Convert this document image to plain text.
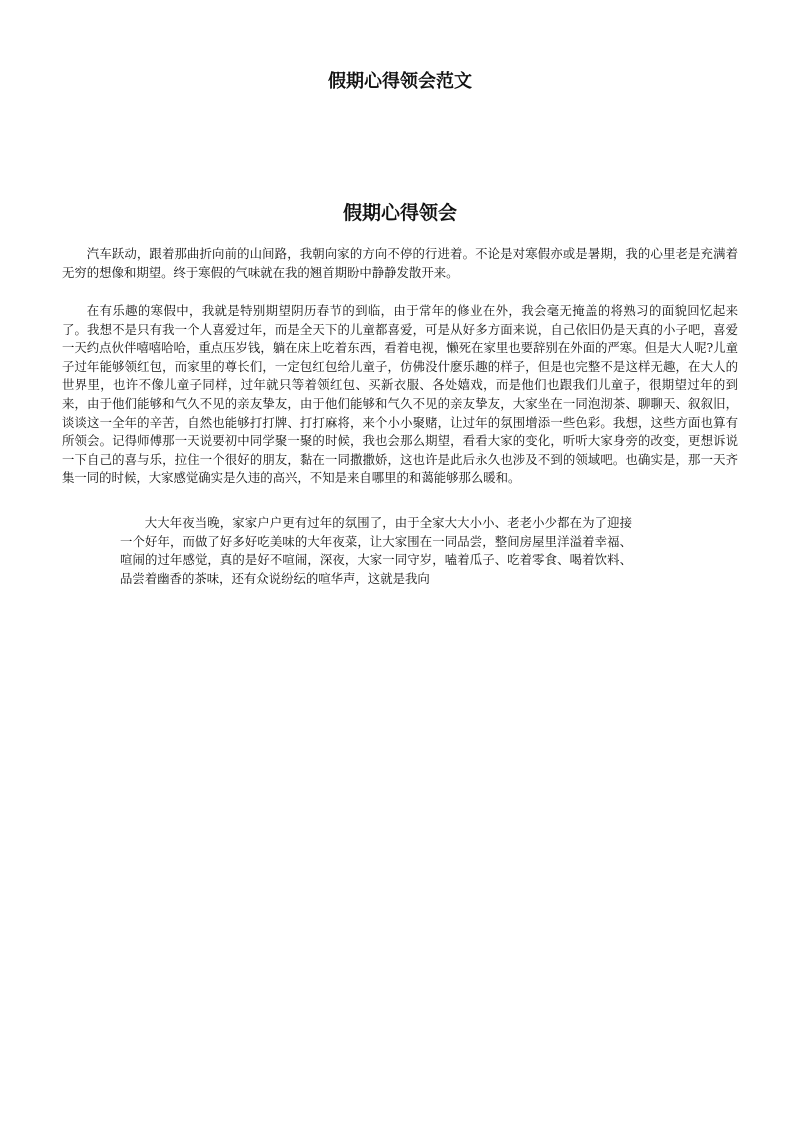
假期心得领会范文
假期心得领会

汽车跃动，跟着那曲折向前的山间路，我朝向家的方向不停的行进着。不论是对寒假亦或是暑期，我的心里老是充满着无穷的想像和期望。终于寒假的气味就在我的翘首期盼中静静发散开来。

在有乐趣的寒假中，我就是特别期望阴历春节的到临，由于常年的修业在外，我会毫无掩盖的将熟习的面貌回忆起来了。我想不是只有我一个人喜爱过年，而是全天下的儿童都喜爱，可是从好多方面来说，自己依旧仍是天真的小子吧，喜爱一天约点伙伴嘻嘻哈哈，重点压岁钱，躺在床上吃着东西，看着电视，懒死在家里也要辞别在外面的严寒。但是大人呢?儿童子过年能够领红包，而家里的尊长们，一定包红包给儿童子，仿佛没什麽乐趣的样子，但是也完整不是这样无趣，在大人的世界里，也许不像儿童子同样，过年就只等着领红包、买新衣服、各处嬉戏，而是他们也跟我们儿童子，很期望过年的到来，由于他们能够和气久不见的亲友挚友，由于他们能够和气久不见的亲友挚友，大家坐在一同泡沏茶、聊聊天、叙叙旧，谈谈这一全年的辛苦，自然也能够打打牌、打打麻将，来个小小聚赌，让过年的氛围增添一些色彩。我想，这些方面也算有所领会。记得师傅那一天说要初中同学聚一聚的时候，我也会那么期望，看看大家的变化，听听大家身旁的改变，更想诉说一下自己的喜与乐，拉住一个很好的朋友，黏在一同撒撒娇，这也许是此后永久也涉及不到的领域吧。也确实是，那一天齐集一同的时候，大家感觉确实是久违的高兴，不知是来自哪里的和蔼能够那么暖和。

大大年夜当晚，家家户户更有过年的氛围了，由于全家大大小小、老老小少都在为了迎接一个好年，而做了好多好吃美味的大年夜菜，让大家围在一同品尝，整间房屋里洋溢着幸福、喧闹的过年感觉，真的是好不喧闹，深夜，大家一同守岁，嗑着瓜子、吃着零食、喝着饮料、品尝着幽香的茶味，还有众说纷纭的喧华声，这就是我向
